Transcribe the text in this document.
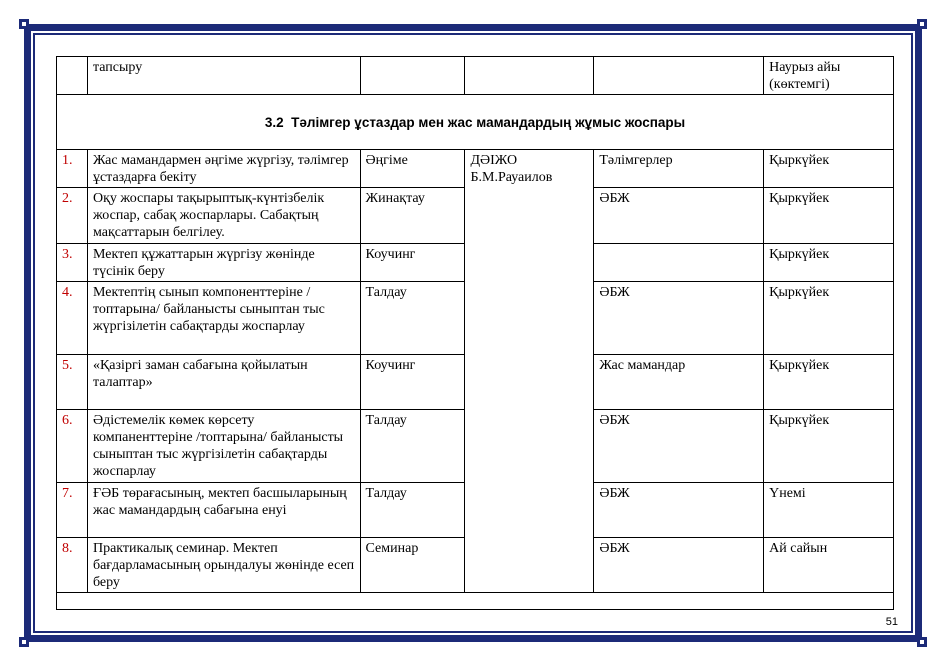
	тапсыру				Наурыз айы (көктемгі)
3.2 Тәлімгер ұстаздар мен жас мамандардың жұмыс жоспары					
1.	Жас мамандармен әңгіме жүргізу, тәлімгер ұстаздарға бекіту	Әңгіме	ДӘІЖО Б.М.Рауаилов	Тәлімгерлер	Қыркүйек
2.	Оқу жоспары тақырыптық-күнтізбелік жоспар, сабақ жоспарлары. Сабақтың мақсаттарын белгілеу.	Жинақтау		ӘБЖ	Қыркүйек
3.	Мектеп құжаттарын жүргізу жөнінде түсінік беру	Коучинг			Қыркүйек
4.	Мектептің сынып компоненттеріне /топтарына/ байланысты сыныптан тыс жүргізілетін сабақтарды жоспарлау	Талдау		ӘБЖ	Қыркүйек
5.	«Қазіргі заман сабағына қойылатын талаптар»	Коучинг		Жас мамандар	Қыркүйек
6.	Әдістемелік көмек көрсету компаненттеріне /топтарына/ байланысты сыныптан тыс жүргізілетін сабақтарды жоспарлау	Талдау		ӘБЖ	Қыркүйек
7.	ҒӘБ төрағасының, мектеп басшыларының жас мамандардың сабағына енуі	Талдау		ӘБЖ	Үнемі
8.	Практикалық семинар. Мектеп бағдарламасының орындалуы жөнінде есеп беру	Семинар		ӘБЖ	Ай сайын

51
